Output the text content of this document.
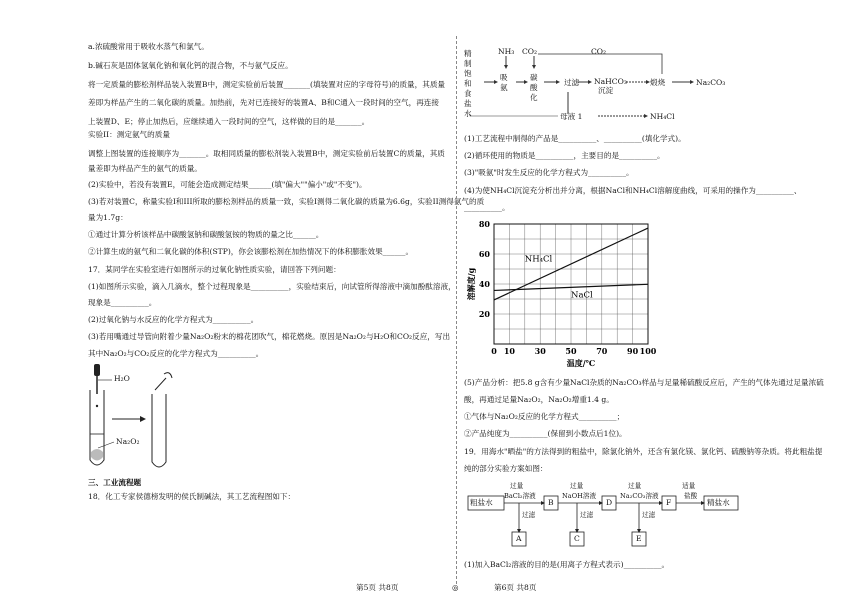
a.浓硫酸常用于吸收水蒸气和氯气。
b.碱石灰是固体氢氧化钠和氧化钙的混合物，不与氨气反应。
将一定质量的膨松剂样品装入装置B中，测定实验前后装置_______(填装置对应的字母符号)的质量，其质量
差即为样品产生的二氧化碳的质量。加热前，先对已连接好的装置A、B和C通入一段时间的空气，再连接
上装置D、E；停止加热后，应继续通入一段时间的空气，这样做的目的是_______。
实验II：测定氨气的质量
调整上图装置的连接顺序为_______。取相同质量的膨松剂装入装置B中，测定实验前后装置C的质量，其质
量差即为样品产生的氨气的质量。
(2)实验中，若没有装置E，可能会造成测定结果______(填"偏大""偏小"或"不变")。
(3)若对装置C，称量实验I和III所取的膨松剂样品的质量一致，实验I测得二氧化碳的质量为6.6g，实验II测得氨气的质
量为1.7g：
①通过计算分析该样品中碳酸氢钠和碳酸氢铵的物质的量之比______。
②计算生成的氨气和二氧化碳的体积(STP)，你会该膨松剂在加热情况下的体积膨胀效果______。
17．某同学在实验室进行如图所示的过氧化钠性质实验，请回答下列问题：
(1)如图所示实验，滴入几滴水，整个过程现象是__________，实验结束后，向试管所得溶液中滴加酚酞溶液，
现象是__________。
(2)过氧化钠与水反应的化学方程式为__________。
(3)若用嘴通过导管向附着少量Na₂O₂粉末的棉花团吹气，棉花燃烧。原因是Na₂O₂与H₂O和CO₂反应，写出
其中Na₂O₂与CO₂反应的化学方程式为__________。
H₂O
Na₂O₂
三、工业流程题
18．化工专家侯德榜发明的侯氏制碱法，其工艺流程图如下：
精
制
饱
和
食
盐
水
NH₃ CO₂	CO₂
吸
氨
碳
酸
化
过滤 NaHCO₃
沉淀
煅烧	Na₂CO₃
母液 1	NH₄Cl
(1)工艺流程中制得的产品是__________、__________(填化学式)。
(2)循环使用的物质是__________，主要目的是__________。
(3)"吸氨"时发生反应的化学方程式为__________。
(4)为使NH₄Cl沉淀充分析出并分离，根据NaCl和NH₄Cl溶解度曲线，可采用的操作为__________、
__________。
0 10 30 50 70 90 100
20
40
60
80
温度/℃
溶解度/g
NH₄Cl
NaCl
(5)产品分析：把5.8 g含有少量NaCl杂质的Na₂CO₃样品与足量稀硫酸反应后，产生的气体先通过足量浓硫
酸，再通过足量Na₂O₂，Na₂O₂增重1.4 g。
①气体与Na₂O₂反应的化学方程式__________；
②产品纯度为__________(保留到小数点后1位)。
19．用海水"晒盐"的方法得到的粗盐中，除氯化钠外，还含有氯化镁、氯化钙、硫酸钠等杂质。将此粗盐提
纯的部分实验方案如图：
粗盐水	B	D	F	精盐水
A	C	E
过量
BaCl₂溶液
过量
NaOH溶液
过量
Na₂CO₃溶液
适量
盐酸
过滤	过滤	过滤
(1)加入BaCl₂溶液的目的是(用离子方程式表示)__________。
第5页 共8页	◎	第6页 共8页
